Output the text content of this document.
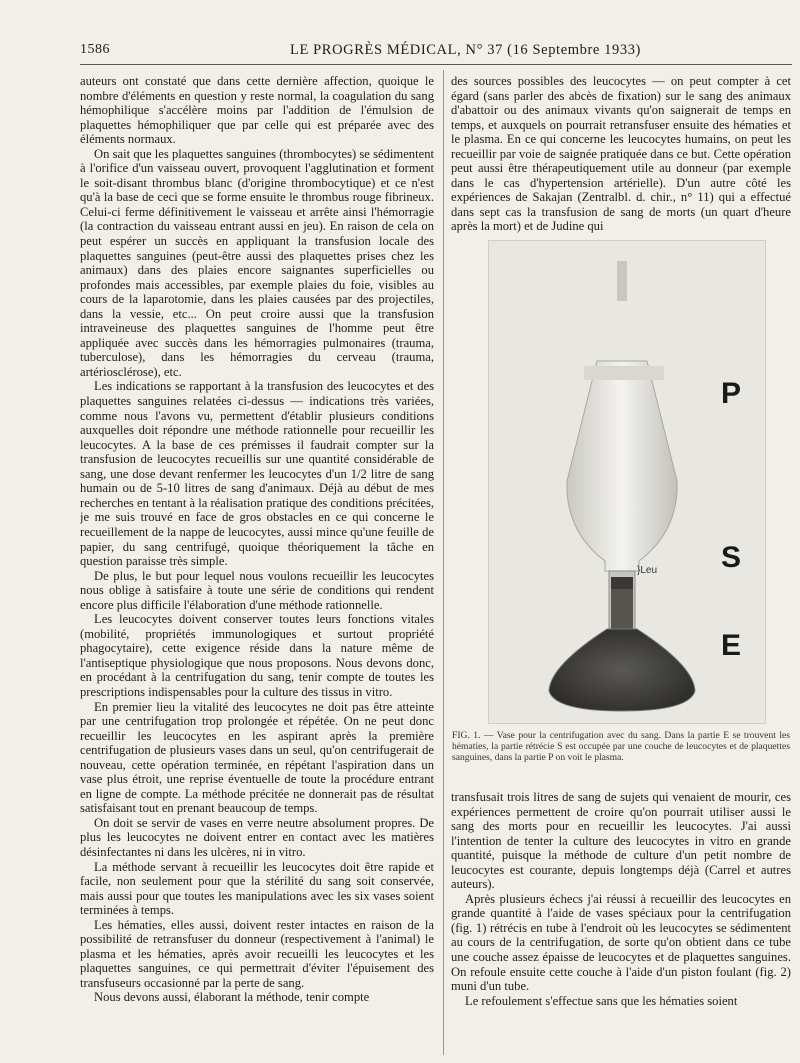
1586	LE PROGRÈS MÉDICAL, N° 37 (16 Septembre 1933)

auteurs ont constaté que dans cette dernière affection, quoique le nombre d'éléments en question y reste normal, la coagulation du sang hémophilique s'accélère moins par l'addition de l'émulsion de plaquettes hémophiliquer que par celle qui est préparée avec des éléments normaux.

On sait que les plaquettes sanguines (thrombocytes) se sédimentent à l'orifice d'un vaisseau ouvert, provoquent l'agglutination et forment le soit-disant thrombus blanc (d'origine thrombocytique) et ce n'est qu'à la base de ceci que se forme ensuite le thrombus rouge fibrineux. Celui-ci ferme définitivement le vaisseau et arrête ainsi l'hémorragie (la contraction du vaisseau entrant aussi en jeu). En raison de cela on peut espérer un succès en appliquant la transfusion locale des plaquettes sanguines (peut-être aussi des plaquettes prises chez les animaux) dans des plaies encore saignantes superficielles ou profondes mais accessibles, par exemple plaies du foie, visibles au cours de la laparotomie, dans les plaies causées par des projectiles, dans la vessie, etc... On peut croire aussi que la transfusion intraveineuse des plaquettes sanguines de l'homme peut être appliquée avec succès dans les hémorragies pulmonaires (trauma, tuberculose), dans les hémorragies du cerveau (trauma, artériosclérose), etc.

Les indications se rapportant à la transfusion des leucocytes et des plaquettes sanguines relatées ci-dessus — indications très variées, comme nous l'avons vu, permettent d'établir plusieurs conditions auxquelles doit répondre une méthode rationnelle pour recueillir les leucocytes. A la base de ces prémisses il faudrait compter sur la transfusion de leucocytes recueillis sur une quantité considérable de sang, une dose devant renfermer les leucocytes d'un 1/2 litre de sang humain ou de 5-10 litres de sang d'animaux. Déjà au début de mes recherches en tentant à la réalisation pratique des conditions précitées, je me suis trouvé en face de gros obstacles en ce qui concerne le recueillement de la nappe de leucocytes, aussi mince qu'une feuille de papier, du sang centrifugé, quoique théoriquement la tâche en question paraisse très simple.

De plus, le but pour lequel nous voulons recueillir les leucocytes nous oblige à satisfaire à toute une série de conditions qui rendent encore plus difficile l'élaboration d'une méthode rationnelle.

Les leucocytes doivent conserver toutes leurs fonctions vitales (mobilité, propriétés immunologiques et surtout propriété phagocytaire), cette exigence réside dans la nature même de l'antiseptique physiologique que nous proposons. Nous devons donc, en procédant à la centrifugation du sang, tenir compte de toutes les prescriptions indispensables pour la culture des tissus in vitro.

En premier lieu la vitalité des leucocytes ne doit pas être atteinte par une centrifugation trop prolongée et répétée. On ne peut donc recueillir les leucocytes en les aspirant après la première centrifugation de plusieurs vases dans un seul, qu'on centrifugerait de nouveau, cette opération terminée, en répétant l'aspiration dans un vase plus étroit, une reprise éventuelle de toute la procédure entrant en ligne de compte. La méthode précitée ne donnerait pas de résultat satisfaisant tout en prenant beaucoup de temps.

On doit se servir de vases en verre neutre absolument propres. De plus les leucocytes ne doivent entrer en contact avec les matières désinfectantes ni dans les ulcères, ni in vitro.

La méthode servant à recueillir les leucocytes doit être rapide et facile, non seulement pour que la stérilité du sang soit conservée, mais aussi pour que toutes les manipulations avec les six vases soient terminées à temps.

Les hématies, elles aussi, doivent rester intactes en raison de la possibilité de retransfuser du donneur (respectivement à l'animal) le plasma et les hématies, après avoir recueilli les leucocytes et les plaquettes sanguines, ce qui permettrait d'éviter l'épuisement des transfuseurs occasionné par la perte de sang.

Nous devons aussi, élaborant la méthode, tenir compte

des sources possibles des leucocytes — on peut compter à cet égard (sans parler des abcès de fixation) sur le sang des animaux d'abattoir ou des animaux vivants qu'on saignerait de temps en temps, et auxquels on pourrait retransfuser ensuite des hématies et le plasma. En ce qui concerne les leucocytes humains, on peut les recueillir par voie de saignée pratiquée dans ce but. Cette opération peut aussi être thérapeutiquement utile au donneur (par exemple dans le cas d'hypertension artérielle). D'un autre côté les expériences de Sakajan (Zentralbl. d. chir., n° 11) qui a effectué dans sept cas la transfusion de sang de morts (un quart d'heure après la mort) et de Judine qui

P
S
E
}Leu
FIG. 1. — Vase pour la centrifugation avec du sang. Dans la partie E se trouvent les hématies, la partie rétrécie S est occupée par une couche de leucocytes et de plaquettes sanguines, dans la partie P on voit le plasma.

transfusait trois litres de sang de sujets qui venaient de mourir, ces expériences permettent de croire qu'on pourrait utiliser aussi le sang des morts pour en recueillir les leucocytes. J'ai aussi l'intention de tenter la culture des leucocytes in vitro en grande quantité, puisque la méthode de culture d'un petit nombre de leucocytes est courante, depuis longtemps déjà (Carrel et autres auteurs).

Après plusieurs échecs j'ai réussi à recueillir des leucocytes en grande quantité à l'aide de vases spéciaux pour la centrifugation (fig. 1) rétrécis en tube à l'endroit où les leucocytes se sédimentent au cours de la centrifugation, de sorte qu'on obtient dans ce tube une couche assez épaisse de leucocytes et de plaquettes sanguines. On refoule ensuite cette couche à l'aide d'un piston foulant (fig. 2) muni d'un tube.

Le refoulement s'effectue sans que les hématies soient
